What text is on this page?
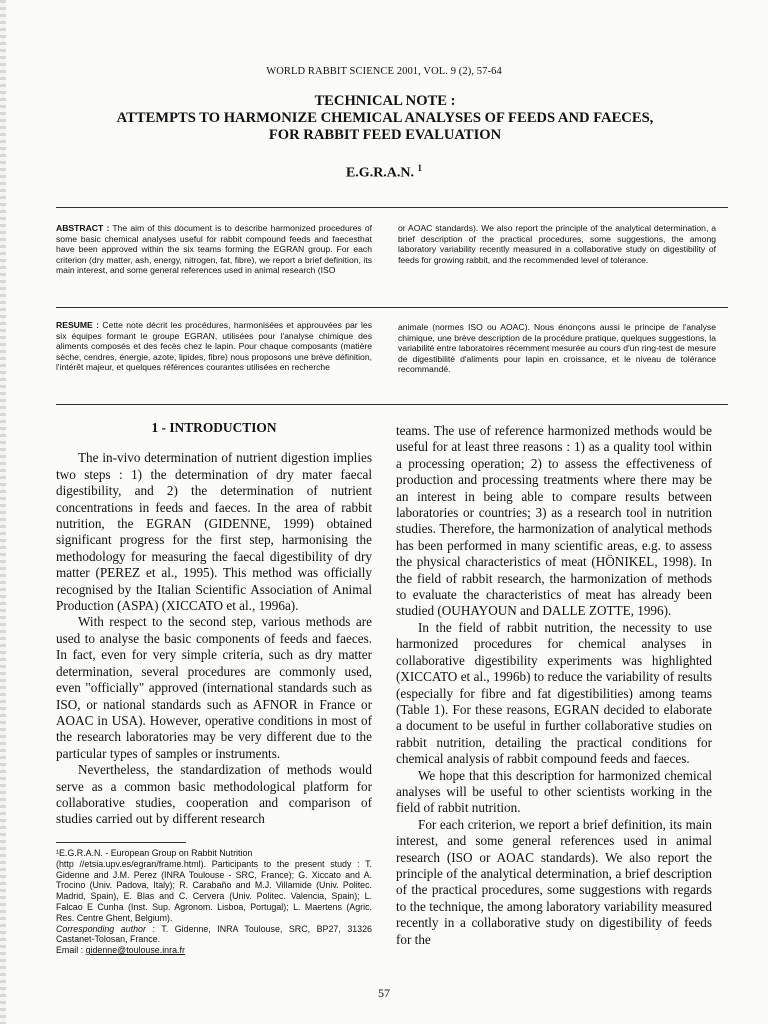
WORLD RABBIT SCIENCE 2001, VOL. 9 (2), 57-64
TECHNICAL NOTE :
ATTEMPTS TO HARMONIZE CHEMICAL ANALYSES OF FEEDS AND FAECES,
FOR RABBIT FEED EVALUATION
E.G.R.A.N. $^1$
ABSTRACT : The aim of this document is to describe harmonized procedures of some basic chemical analyses useful for rabbit compound feeds and faecesthat have been approved within the six teams forming the EGRAN group. For each criterion (dry matter, ash, energy, nitrogen, fat, fibre), we report a brief definition, its main interest, and some general references used in animal research (ISO
or AOAC standards). We also report the principle of the analytical determination, a brief description of the practical procedures, some suggestions, the among laboratory variability recently measured in a collaborative study on digestibility of feeds for growing rabbit, and the recommended level of tolerance.
RESUME : Cette note décrit les procédures, harmonisées et approuvées par les six équipes formant le groupe EGRAN, utilisées pour l'analyse chimique des aliments composés et des fecès chez le lapin. Pour chaque composants (matière sèche, cendres, énergie, azote, lipides, fibre) nous proposons une brève définition, l'intérêt majeur, et quelques références courantes utilisées en recherche
animale (normes ISO ou AOAC). Nous énonçons aussi le principe de l'analyse chimique, une brève description de la procédure pratique, quelques suggestions, la variabilité entre laboratoires récemment mesurée au cours d'un ring-test de mesure de digestibilité d'aliments pour lapin en croissance, et le niveau de tolérance recommandé.
1 - INTRODUCTION

The in-vivo determination of nutrient digestion implies two steps : 1) the determination of dry mater faecal digestibility, and 2) the determination of nutrient concentrations in feeds and faeces. In the area of rabbit nutrition, the EGRAN (GIDENNE, 1999) obtained significant progress for the first step, harmonising the methodology for measuring the faecal digestibility of dry matter (PEREZ et al., 1995). This method was officially recognised by the Italian Scientific Association of Animal Production (ASPA) (XICCATO et al., 1996a).

With respect to the second step, various methods are used to analyse the basic components of feeds and faeces. In fact, even for very simple criteria, such as dry matter determination, several procedures are commonly used, even "officially" approved (international standards such as ISO, or national standards such as AFNOR in France or AOAC in USA). However, operative conditions in most of the research laboratories may be very different due to the particular types of samples or instruments.

Nevertheless, the standardization of methods would serve as a common basic methodological platform for collaborative studies, cooperation and comparison of studies carried out by different research

teams. The use of reference harmonized methods would be useful for at least three reasons : 1) as a quality tool within a processing operation; 2) to assess the effectiveness of production and processing treatments where there may be an interest in being able to compare results between laboratories or countries; 3) as a research tool in nutrition studies. Therefore, the harmonization of analytical methods has been performed in many scientific areas, e.g. to assess the physical characteristics of meat (HÖNIKEL, 1998). In the field of rabbit research, the harmonization of methods to evaluate the characteristics of meat has already been studied (OUHAYOUN and DALLE ZOTTE, 1996).

In the field of rabbit nutrition, the necessity to use harmonized procedures for chemical analyses in collaborative digestibility experiments was highlighted (XICCATO et al., 1996b) to reduce the variability of results (especially for fibre and fat digestibilities) among teams (Table 1). For these reasons, EGRAN decided to elaborate a document to be useful in further collaborative studies on rabbit nutrition, detailing the practical conditions for chemical analysis of rabbit compound feeds and faeces.

We hope that this description for harmonized chemical analyses will be useful to other scientists working in the field of rabbit nutrition.

For each criterion, we report a brief definition, its main interest, and some general references used in animal research (ISO or AOAC standards). We also report the principle of the analytical determination, a brief description of the practical procedures, some suggestions with regards to the technique, the among laboratory variability measured recently in a collaborative study on digestibility of feeds for the

¹E.G.R.A.N. - European Group on Rabbit Nutrition
(http //etsia.upv.es/egran/frame.html). Participants to the present study : T. Gidenne and J.M. Perez (INRA Toulouse - SRC, France); G. Xiccato and A. Trocino (Univ. Padova, Italy); R. Carabaño and M.J. Villamide (Univ. Politec. Madrid, Spain), E. Blas and C. Cervera (Univ. Politec. Valencia, Spain); L. Falcao E Cunha (Inst. Sup. Agronom. Lisboa, Portugal); L. Maertens (Agric. Res. Centre Ghent, Belgium).
Corresponding author : T. Gidenne, INRA Toulouse, SRC, BP27, 31326 Castanet-Tolosan, France.
Email : gidenne@toulouse.inra.fr
57
